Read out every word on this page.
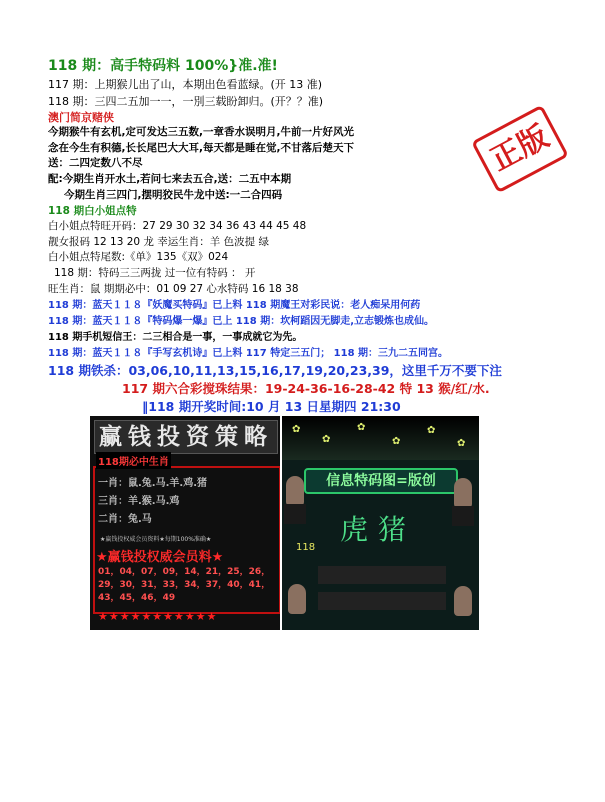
118 期：高手特码料 100%}准.准!
117 期：上期猴儿出了山，本期出色看蓝绿。(开 13 准)
118 期：三四二五加一一，一別三载盼卸归。(开？？准)
澳门简京赌侠
今期猴牛有玄机,定可发达三五数,一章香水误明月,牛前一片好风光
念在今生有积德,长长尾巴大大耳,每天都是睡在觉,不甘落后楚天下
送：二四定数八不尽
配:今期生肖开水土,若问七来去五合,送：二五中本期
今期生肖三四门,摆明狡民牛龙中送:一二合四码
正版
118 期白小姐点特
白小姐点特旺开码：27 29 30 32 34 36 43 44 45 48
靓女报码 12 13 20 龙 幸运生肖：羊 色波提 绿
白小姐点特尾数:《单》135《双》024
118 期：特码三三两拢 过一位有特码 ： 开
旺生肖：鼠 期期必中：01 09 27 心水特码 16 18 38
118 期：蓝天１１８『妖魔买特码』已上料 118 期魔王对彩民说：老人痴呆用何药
118 期：蓝天１１８『特码爆一爆』已上 118 期：坎柯蹈因无脚走,立志锻炼也成仙。
118 期手机短信王：二三相合是一事，一事成就它为先。
118 期：蓝天１１８『手写玄机诗』已上料 117 特定三五门； 118 期：三九二五同宫。
118 期铁杀：03,06,10,11,13,15,16,17,19,20,23,39，这里千万不要下注
117 期六合彩搅珠结果：19-24-36-16-28-42 特 13 猴/红/水.
‖118 期开奖时间:10 月 13 日星期四 21:30
赢钱投资策略
118期必中生肖
一肖：鼠.兔.马.羊.鸡.猪
三肖：羊.猴.马.鸡
二肖：兔.马
★赢钱投权威会员资料★每期100%准确★
★赢钱投权威会员料★
01，04，07，09，14，21，25，26，29，30，31，33，34，37，40，41，43，45，46，49
★★★★★★★★★★★
✿
✿
✿
✿
✿
✿
信息特码图=版创
虎猪
118
